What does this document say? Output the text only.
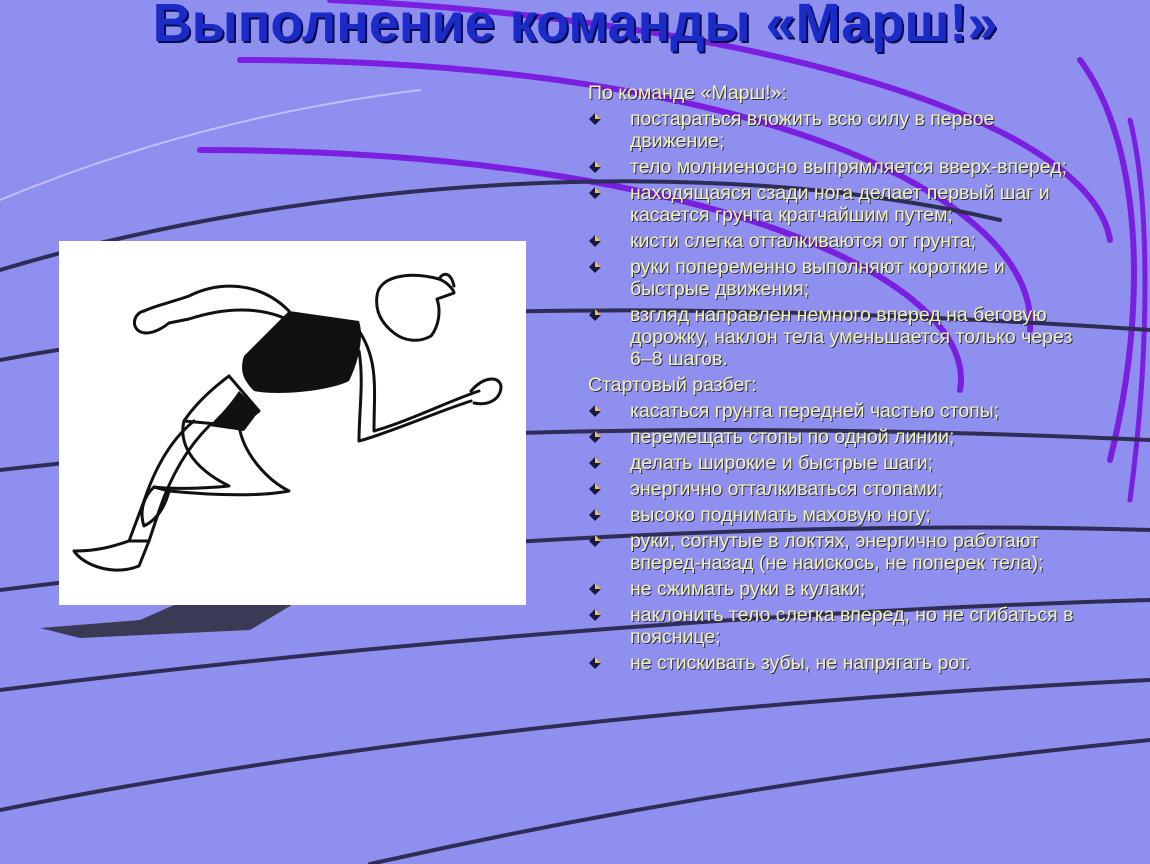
Выполнение команды «Марш!»
По команде «Марш!»:
постараться вложить всю силу в первое движение;
тело молниеносно выпрямляется вверх-вперед;
находящаяся сзади нога делает первый шаг и касается грунта кратчайшим путем;
кисти слегка отталкиваются от грунта;
руки попеременно выполняют короткие и быстрые движения;
взгляд направлен немного вперед на беговую дорожку, наклон тела уменьшается только через 6–8 шагов.
Стартовый разбег:
касаться грунта передней частью стопы;
перемещать стопы по одной линии;
делать широкие и быстрые шаги;
энергично отталкиваться стопами;
высоко поднимать маховую ногу;
руки, согнутые в локтях, энергично работают вперед-назад (не наискось, не поперек тела);
не сжимать руки в кулаки;
наклонить тело слегка вперед, но не сгибаться в пояснице;
не стискивать зубы, не напрягать рот.
